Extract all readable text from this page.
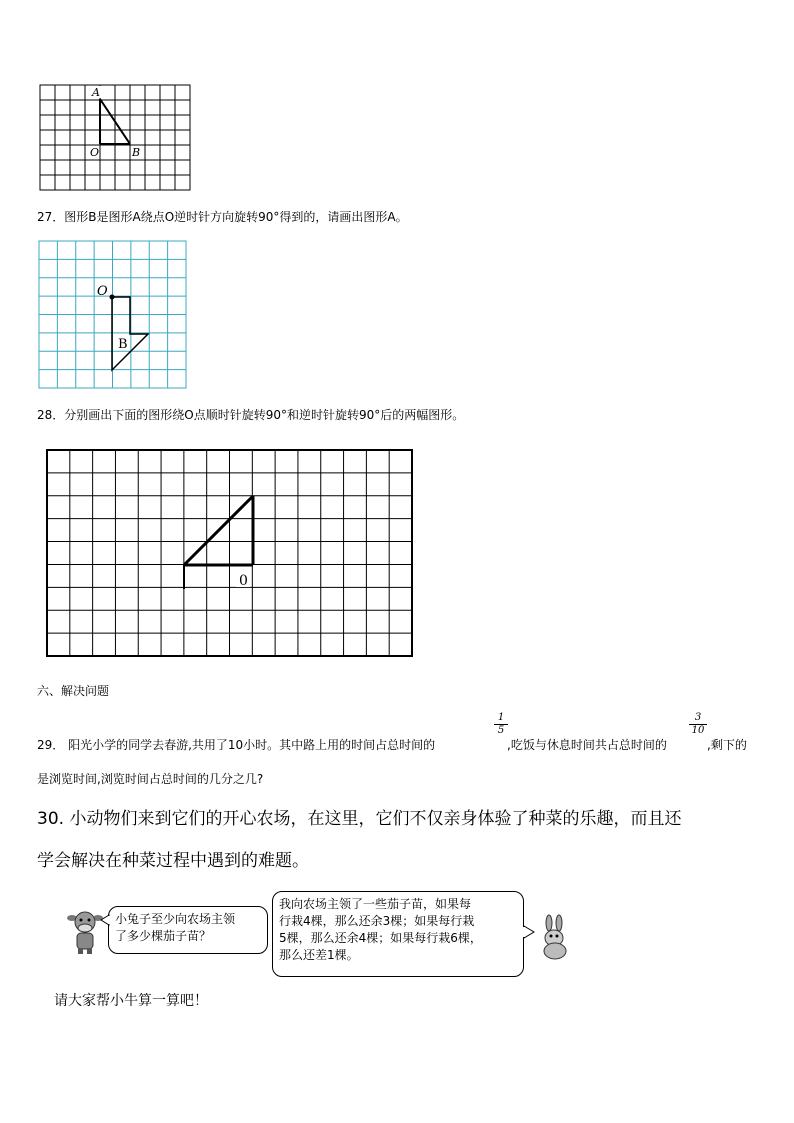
A
O	B
27．图形B是图形A绕点O逆时针方向旋转90°得到的，请画出图形A。
O
B
28．分别画出下面的图形绕O点顺时针旋转90°和逆时针旋转90°后的两幅图形。
0
六、解决问题
29． 阳光小学的同学去春游,共用了10小时。其中路上用的时间占总时间的
$\frac{1}{5}$
,吃饭与休息时间共占总时间的
$\frac{3}{10}$
,剩下的
是浏览时间,浏览时间占总时间的几分之几?
30. 小动物们来到它们的开心农场，在这里，它们不仅亲身体验了种菜的乐趣，而且还
学会解决在种菜过程中遇到的难题。
小兔子至少向农场主领
了多少棵茄子苗？
我向农场主领了一些茄子苗，如果每
行栽4棵，那么还余3棵；如果每行栽
5棵，那么还余4棵；如果每行栽6棵，
那么还差1棵。
请大家帮小牛算一算吧！
